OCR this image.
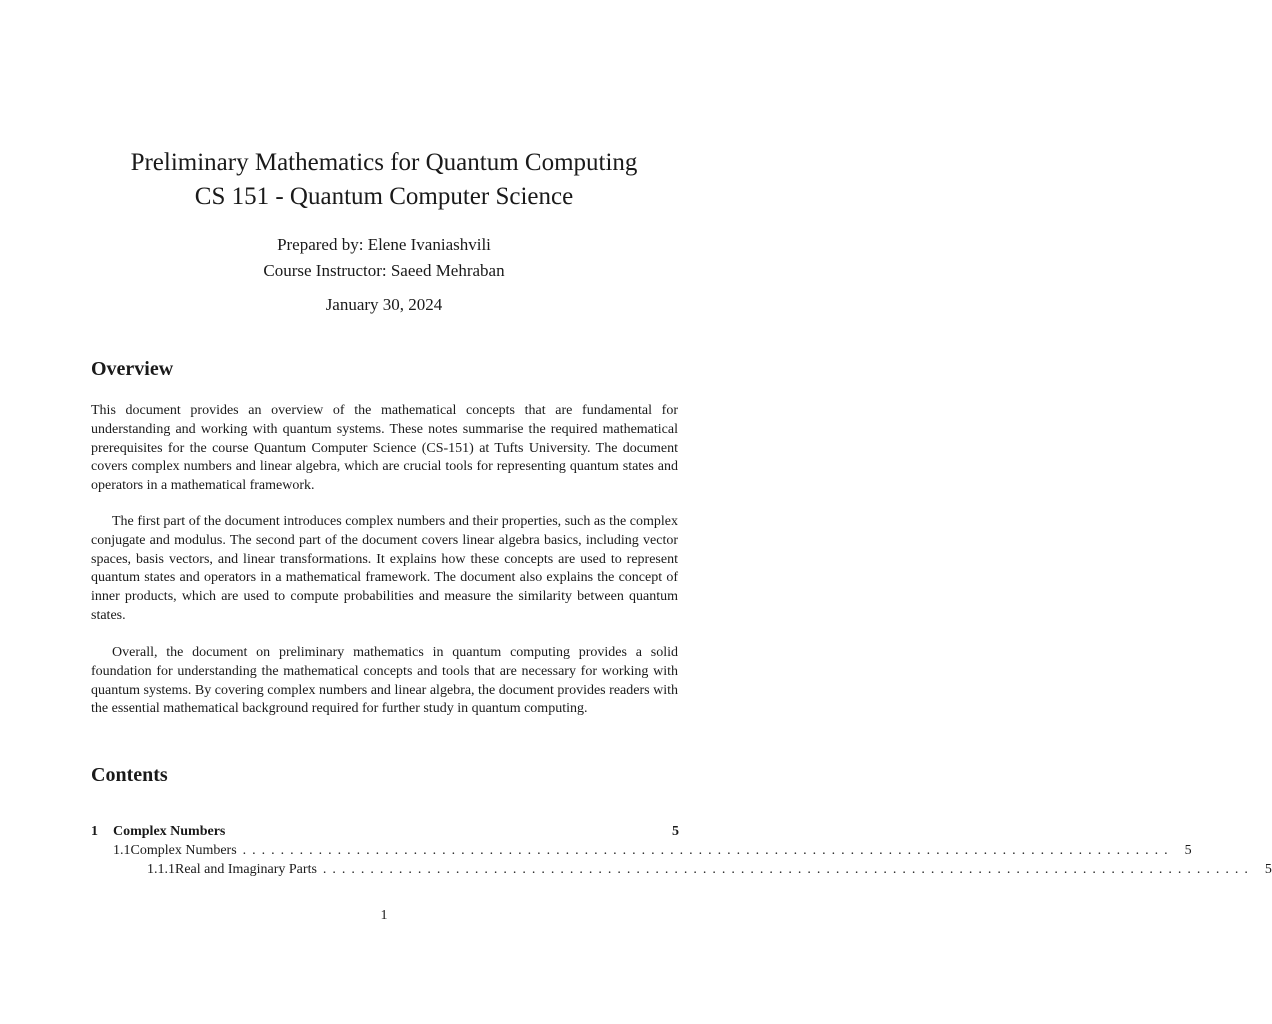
Preliminary Mathematics for Quantum Computing

CS 151 - Quantum Computer Science

Prepared by: Elene Ivaniashvili
Course Instructor: Saeed Mehraban
January 30, 2024
Overview

This document provides an overview of the mathematical concepts that are fundamental for understanding and working with quantum systems. These notes summarise the required mathematical prerequisites for the course Quantum Computer Science (CS-151) at Tufts University. The document covers complex numbers and linear algebra, which are crucial tools for representing quantum states and operators in a mathematical framework.

The first part of the document introduces complex numbers and their properties, such as the complex conjugate and modulus. The second part of the document covers linear algebra basics, including vector spaces, basis vectors, and linear transformations. It explains how these concepts are used to represent quantum states and operators in a mathematical framework. The document also explains the concept of inner products, which are used to compute probabilities and measure the similarity between quantum states.

Overall, the document on preliminary mathematics in quantum computing provides a solid foundation for understanding the mathematical concepts and tools that are necessary for working with quantum systems. By covering complex numbers and linear algebra, the document provides readers with the essential mathematical background required for further study in quantum computing.

Contents
1	Complex Numbers	5
1.1 Complex Numbers .................................................................................................. 5
1.1.1 Real and Imaginary Parts .................................................................................................. 5
1
